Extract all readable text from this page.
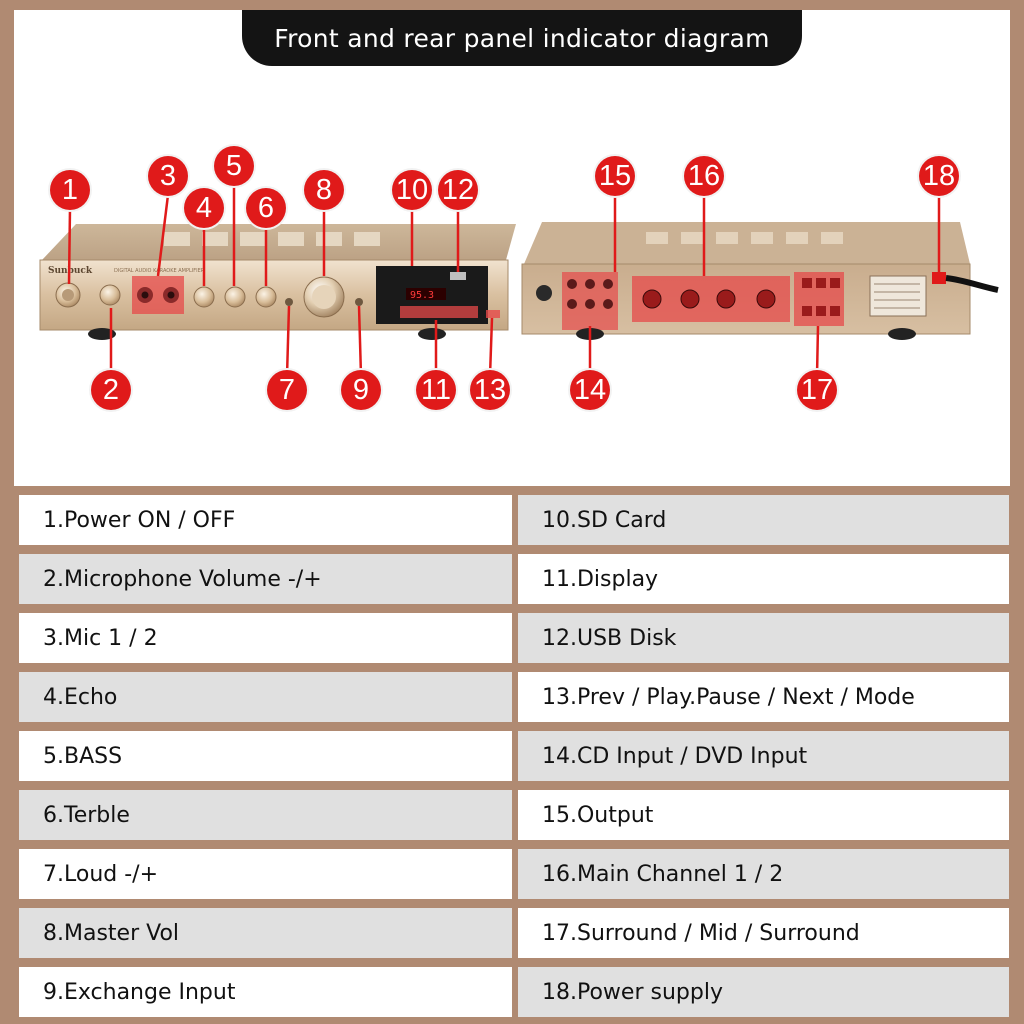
Front and rear panel indicator diagram
Sunbuck	DIGITAL AUDIO KARAOKE AMPLIFIER
95.3
1
2
3
4
5
6
7
8
9
10
11
12
13 14
15 16
17
18
1.Power ON / OFF	10.SD Card
2.Microphone Volume -/+	11.Display
3.Mic 1 / 2	12.USB Disk
4.Echo	13.Prev / Play.Pause / Next / Mode
5.BASS	14.CD Input / DVD Input
6.Terble	15.Output
7.Loud -/+	16.Main Channel 1 / 2
8.Master Vol	17.Surround / Mid / Surround
9.Exchange Input	18.Power supply
